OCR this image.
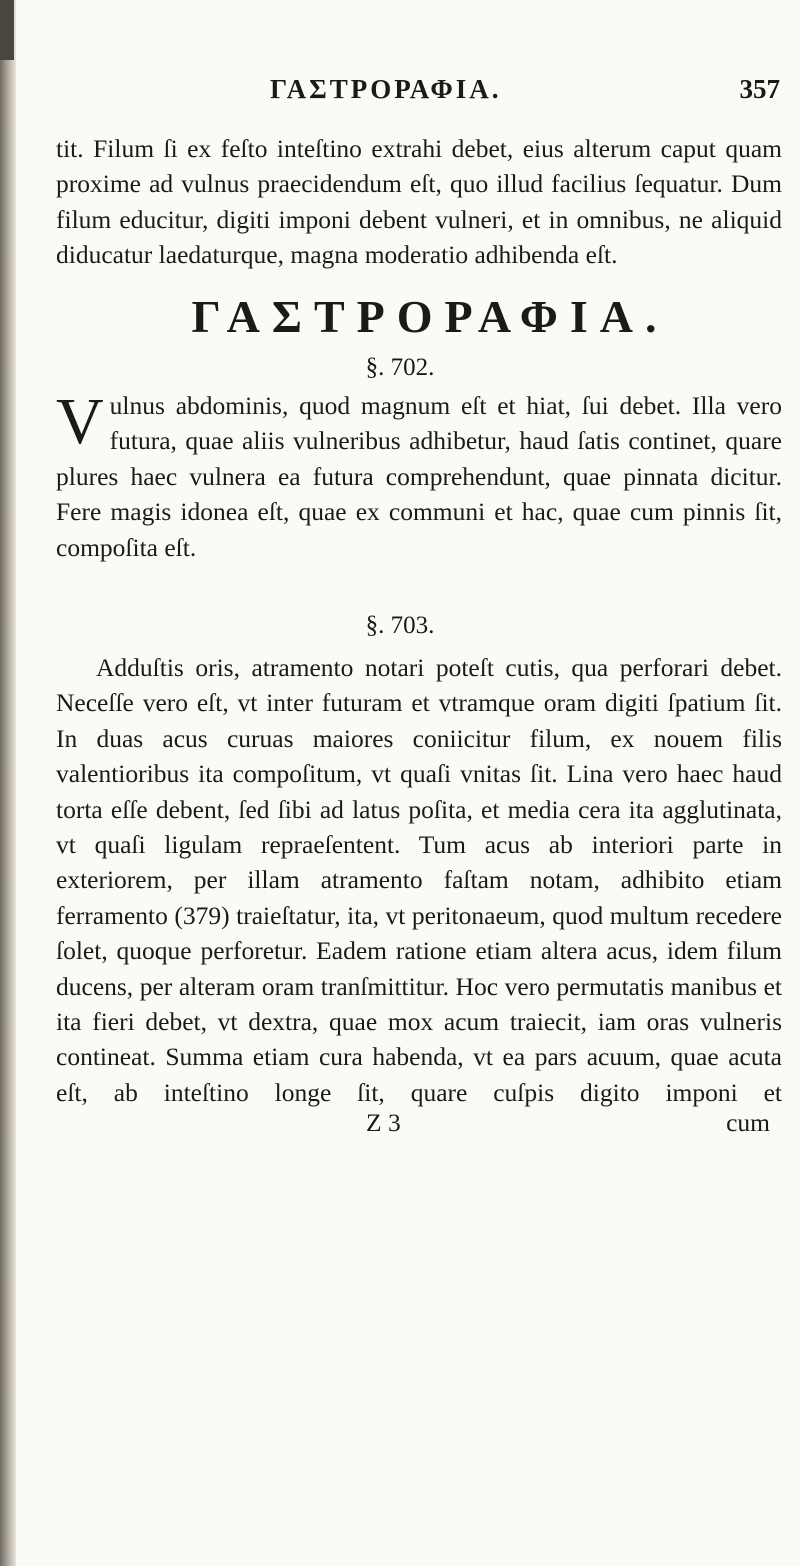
ΓΑΣΤΡΟΡΑΦΙΑ.	357

tit. Filum ſi ex feſto inteſtino extrahi debet, eius alterum caput quam proxime ad vulnus praecidendum eſt, quo illud facilius ſequatur. Dum filum educitur, digiti imponi debent vulneri, et in omnibus, ne aliquid diducatur laedaturque, magna moderatio adhibenda eſt.

ΓΑΣΤΡΟΡΑΦΙΑ.
§. 702.

V ulnus abdominis, quod magnum eſt et hiat, ſui debet. Illa vero futura, quae aliis vulneribus adhibetur, haud ſatis continet, quare plures haec vulnera ea futura comprehendunt, quae pinnata dicitur. Fere magis idonea eſt, quae ex communi et hac, quae cum pinnis ſit, compoſita eſt.

§. 703.

Adduſtis oris, atramento notari poteſt cutis, qua perforari debet. Neceſſe vero eſt, vt inter futuram et vtramque oram digiti ſpatium ſit. In duas acus curuas maiores coniicitur filum, ex nouem filis valentioribus ita compoſitum, vt quaſi vnitas ſit. Lina vero haec haud torta eſſe debent, ſed ſibi ad latus poſita, et media cera ita agglutinata, vt quaſi ligulam repraeſentent. Tum acus ab interiori parte in exteriorem, per illam atramento faſtam notam, adhibito etiam ferramento (379) traieſtatur, ita, vt peritonaeum, quod multum recedere ſolet, quoque perforetur. Eadem ratione etiam altera acus, idem filum ducens, per alteram oram tranſmittitur. Hoc vero permutatis manibus et ita fieri debet, vt dextra, quae mox acum traiecit, iam oras vulneris contineat. Summa etiam cura habenda, vt ea pars acuum, quae acuta eſt, ab inteſtino longe ſit, quare cuſpis digito imponi et

Z 3	cum
